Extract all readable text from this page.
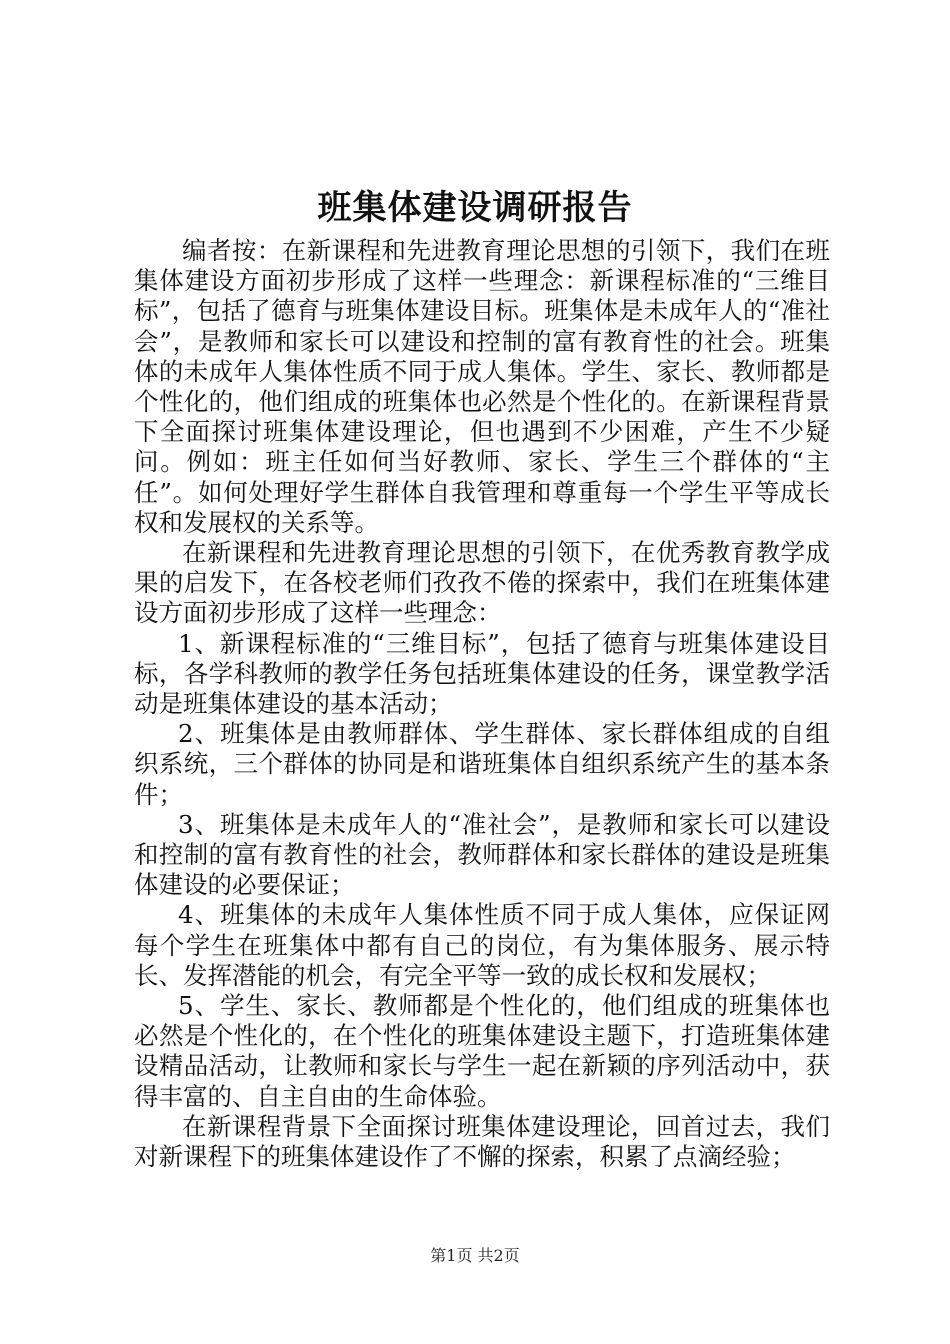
班集体建设调研报告

编者按：在新课程和先进教育理论思想的引领下，我们在班集体建设方面初步形成了这样一些理念：新课程标准的“三维目标”，包括了德育与班集体建设目标。班集体是未成年人的“准社会”，是教师和家长可以建设和控制的富有教育性的社会。班集体的未成年人集体性质不同于成人集体。学生、家长、教师都是个性化的，他们组成的班集体也必然是个性化的。在新课程背景下全面探讨班集体建设理论，但也遇到不少困难，产生不少疑问。例如：班主任如何当好教师、家长、学生三个群体的“主任”。如何处理好学生群体自我管理和尊重每一个学生平等成长权和发展权的关系等。

在新课程和先进教育理论思想的引领下，在优秀教育教学成果的启发下，在各校老师们孜孜不倦的探索中，我们在班集体建设方面初步形成了这样一些理念：

1、新课程标准的“三维目标”，包括了德育与班集体建设目标，各学科教师的教学任务包括班集体建设的任务，课堂教学活动是班集体建设的基本活动；

2、班集体是由教师群体、学生群体、家长群体组成的自组织系统，三个群体的协同是和谐班集体自组织系统产生的基本条件；

3、班集体是未成年人的“准社会”，是教师和家长可以建设和控制的富有教育性的社会，教师群体和家长群体的建设是班集体建设的必要保证；

4、班集体的未成年人集体性质不同于成人集体，应保证网每个学生在班集体中都有自己的岗位，有为集体服务、展示特长、发挥潜能的机会，有完全平等一致的成长权和发展权；

5、学生、家长、教师都是个性化的，他们组成的班集体也必然是个性化的，在个性化的班集体建设主题下，打造班集体建设精品活动，让教师和家长与学生一起在新颖的序列活动中，获得丰富的、自主自由的生命体验。

在新课程背景下全面探讨班集体建设理论，回首过去，我们对新课程下的班集体建设作了不懈的探索，积累了点滴经验；

第1页 共2页
